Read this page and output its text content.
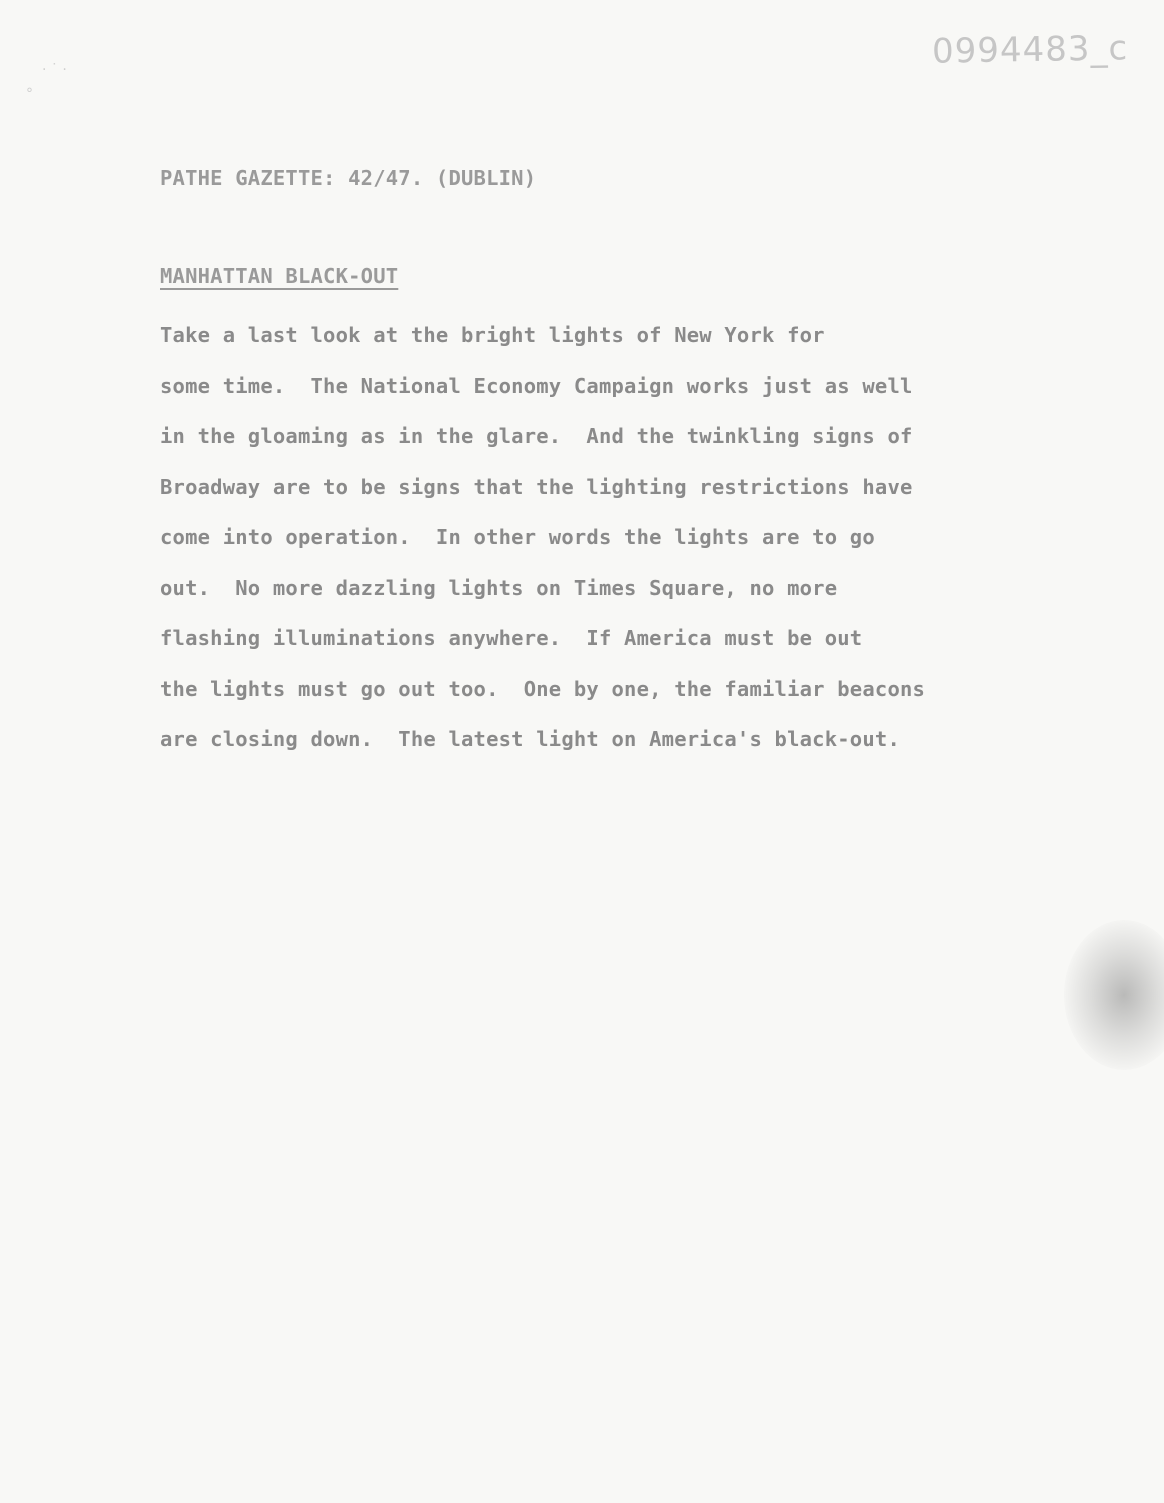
· ˙ ·
°
0994483_c
PATHE GAZETTE: 42/47. (DUBLIN)
MANHATTAN BLACK-OUT
Take a last look at the bright lights of New York for
some time.  The National Economy Campaign works just as well
in the gloaming as in the glare.  And the twinkling signs of
Broadway are to be signs that the lighting restrictions have
come into operation.  In other words the lights are to go
out.  No more dazzling lights on Times Square, no more
flashing illuminations anywhere.  If America must be out
the lights must go out too.  One by one, the familiar beacons
are closing down.  The latest light on America's black-out.
